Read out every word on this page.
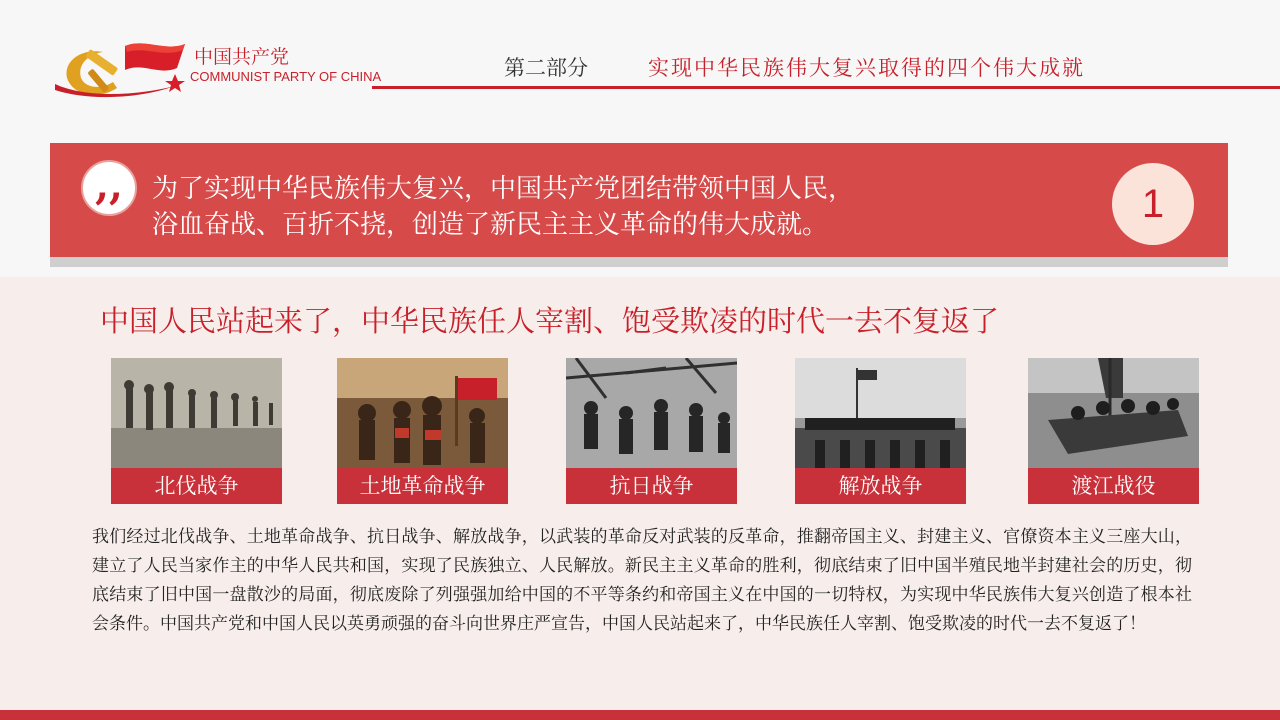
中国共产党
COMMUNIST PARTY OF CHINA	第二部分	实现中华民族伟大复兴取得的四个伟大成就
,,	为了实现中华民族伟大复兴，中国共产党团结带领中国人民，
浴血奋战、百折不挠，创造了新民主主义革命的伟大成就。	1
中国人民站起来了，中华民族任人宰割、饱受欺凌的时代一去不复返了
北伐战争	土地革命战争	抗日战争	解放战争	渡江战役
我们经过北伐战争、土地革命战争、抗日战争、解放战争，以武装的革命反对武装的反革命，推翻帝国主义、封建主义、官僚资本主义三座大山，建立了人民当家作主的中华人民共和国，实现了民族独立、人民解放。新民主主义革命的胜利，彻底结束了旧中国半殖民地半封建社会的历史，彻底结束了旧中国一盘散沙的局面，彻底废除了列强强加给中国的不平等条约和帝国主义在中国的一切特权，为实现中华民族伟大复兴创造了根本社会条件。中国共产党和中国人民以英勇顽强的奋斗向世界庄严宣告，中国人民站起来了，中华民族任人宰割、饱受欺凌的时代一去不复返了！
